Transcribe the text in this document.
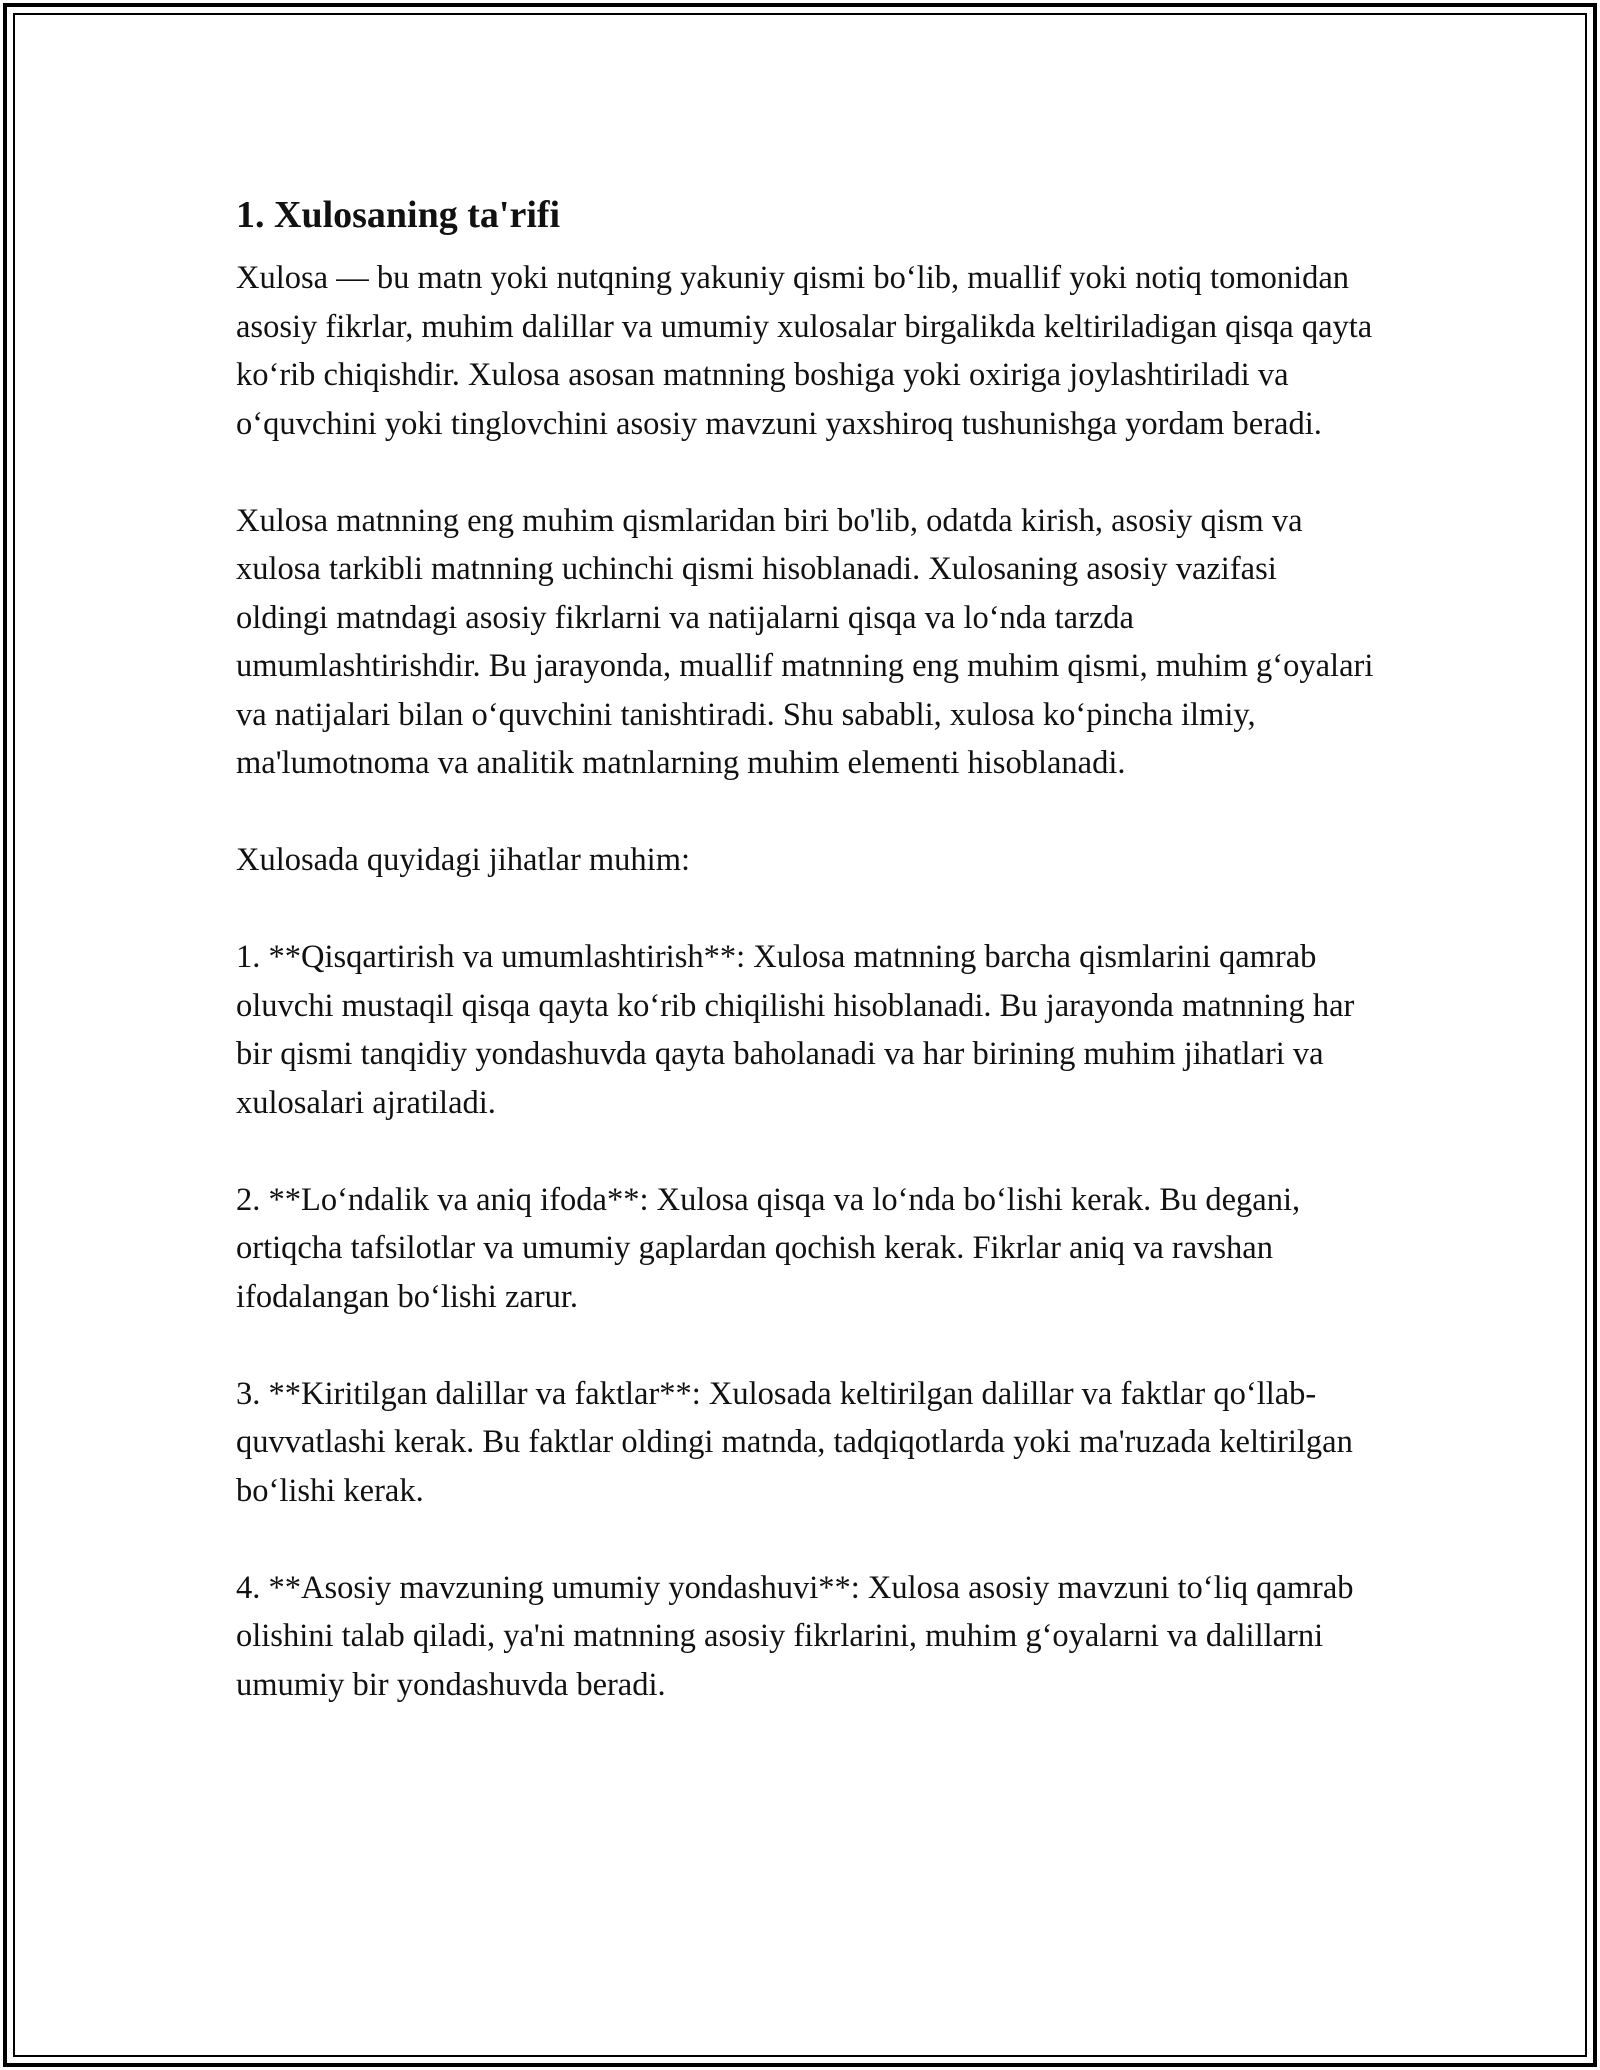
1. Xulosaning ta'rifi

Xulosa — bu matn yoki nutqning yakuniy qismi bo‘lib, muallif yoki notiq tomonidan asosiy fikrlar, muhim dalillar va umumiy xulosalar birgalikda keltiriladigan qisqa qayta ko‘rib chiqishdir. Xulosa asosan matnning boshiga yoki oxiriga joylashtiriladi va o‘quvchini yoki tinglovchini asosiy mavzuni yaxshiroq tushunishga yordam beradi.

Xulosa matnning eng muhim qismlaridan biri bo'lib, odatda kirish, asosiy qism va xulosa tarkibli matnning uchinchi qismi hisoblanadi. Xulosaning asosiy vazifasi oldingi matndagi asosiy fikrlarni va natijalarni qisqa va lo‘nda tarzda umumlashtirishdir. Bu jarayonda, muallif matnning eng muhim qismi, muhim g‘oyalari va natijalari bilan o‘quvchini tanishtiradi. Shu sababli, xulosa ko‘pincha ilmiy, ma'lumotnoma va analitik matnlarning muhim elementi hisoblanadi.

Xulosada quyidagi jihatlar muhim:

1. **Qisqartirish va umumlashtirish**: Xulosa matnning barcha qismlarini qamrab oluvchi mustaqil qisqa qayta ko‘rib chiqilishi hisoblanadi. Bu jarayonda matnning har bir qismi tanqidiy yondashuvda qayta baholanadi va har birining muhim jihatlari va xulosalari ajratiladi.

2. **Lo‘ndalik va aniq ifoda**: Xulosa qisqa va lo‘nda bo‘lishi kerak. Bu degani, ortiqcha tafsilotlar va umumiy gaplardan qochish kerak. Fikrlar aniq va ravshan ifodalangan bo‘lishi zarur.

3. **Kiritilgan dalillar va faktlar**: Xulosada keltirilgan dalillar va faktlar qo‘llab-quvvatlashi kerak. Bu faktlar oldingi matnda, tadqiqotlarda yoki ma'ruzada keltirilgan bo‘lishi kerak.

4. **Asosiy mavzuning umumiy yondashuvi**: Xulosa asosiy mavzuni to‘liq qamrab olishini talab qiladi, ya'ni matnning asosiy fikrlarini, muhim g‘oyalarni va dalillarni umumiy bir yondashuvda beradi.
